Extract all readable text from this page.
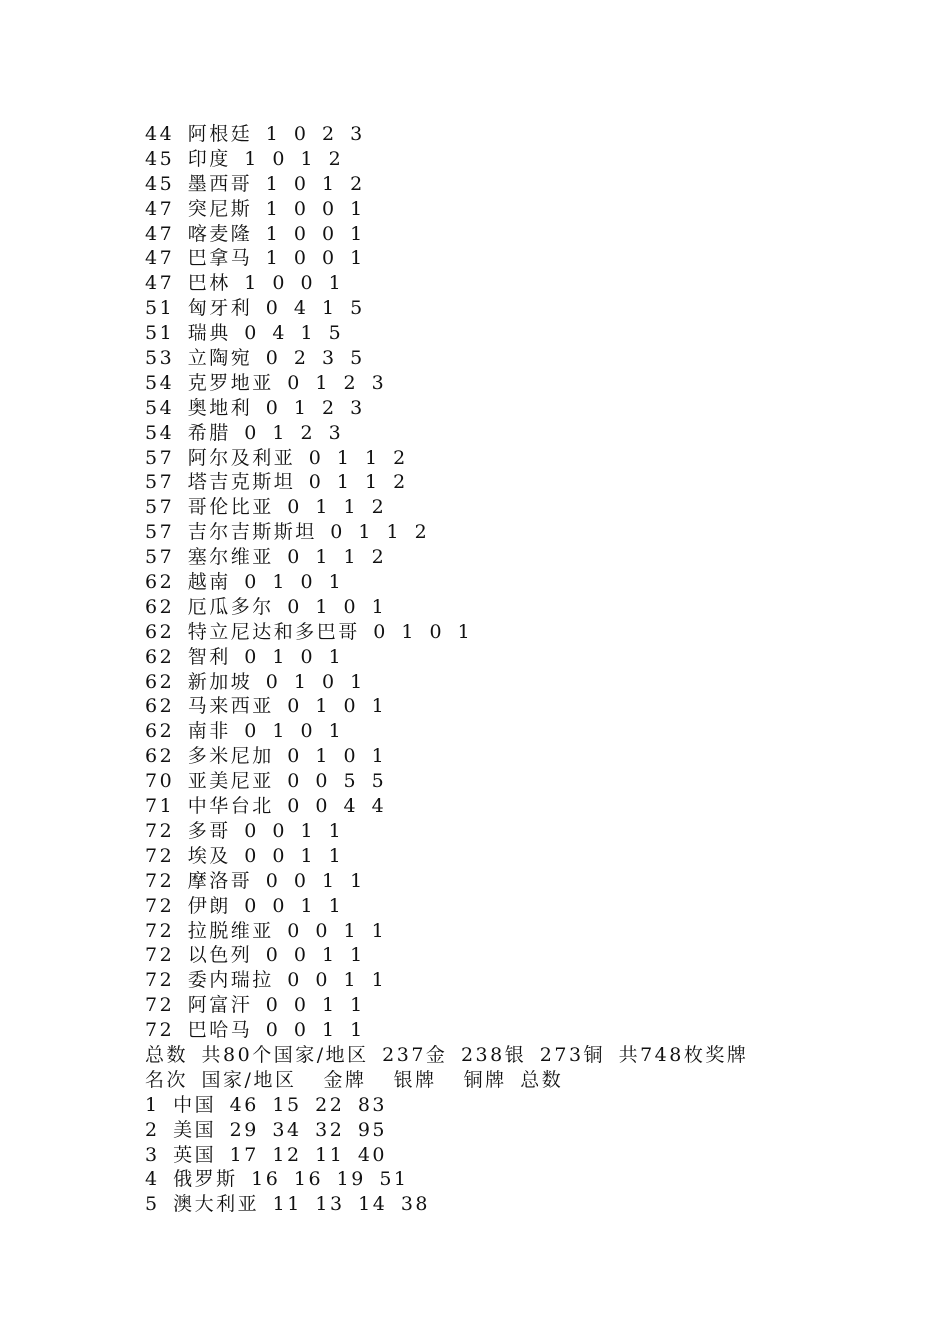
44 阿根廷 1 0 2 3
45 印度 1 0 1 2
45 墨西哥 1 0 1 2
47 突尼斯 1 0 0 1
47 喀麦隆 1 0 0 1
47 巴拿马 1 0 0 1
47 巴林 1 0 0 1
51 匈牙利 0 4 1 5
51 瑞典 0 4 1 5
53 立陶宛 0 2 3 5
54 克罗地亚 0 1 2 3
54 奥地利 0 1 2 3
54 希腊 0 1 2 3
57 阿尔及利亚 0 1 1 2
57 塔吉克斯坦 0 1 1 2
57 哥伦比亚 0 1 1 2
57 吉尔吉斯斯坦 0 1 1 2
57 塞尔维亚 0 1 1 2
62 越南 0 1 0 1
62 厄瓜多尔 0 1 0 1
62 特立尼达和多巴哥 0 1 0 1
62 智利 0 1 0 1
62 新加坡 0 1 0 1
62 马来西亚 0 1 0 1
62 南非 0 1 0 1
62 多米尼加 0 1 0 1
70 亚美尼亚 0 0 5 5
71 中华台北 0 0 4 4
72 多哥 0 0 1 1
72 埃及 0 0 1 1
72 摩洛哥 0 0 1 1
72 伊朗 0 0 1 1
72 拉脱维亚 0 0 1 1
72 以色列 0 0 1 1
72 委内瑞拉 0 0 1 1
72 阿富汗 0 0 1 1
72 巴哈马 0 0 1 1
总数 共80个国家/地区 237金 238银 273铜 共748枚奖牌
名次 国家/地区  金牌  银牌  铜牌 总数
1 中国 46 15 22 83
2 美国 29 34 32 95
3 英国 17 12 11 40
4 俄罗斯 16 16 19 51
5 澳大利亚 11 13 14 38
